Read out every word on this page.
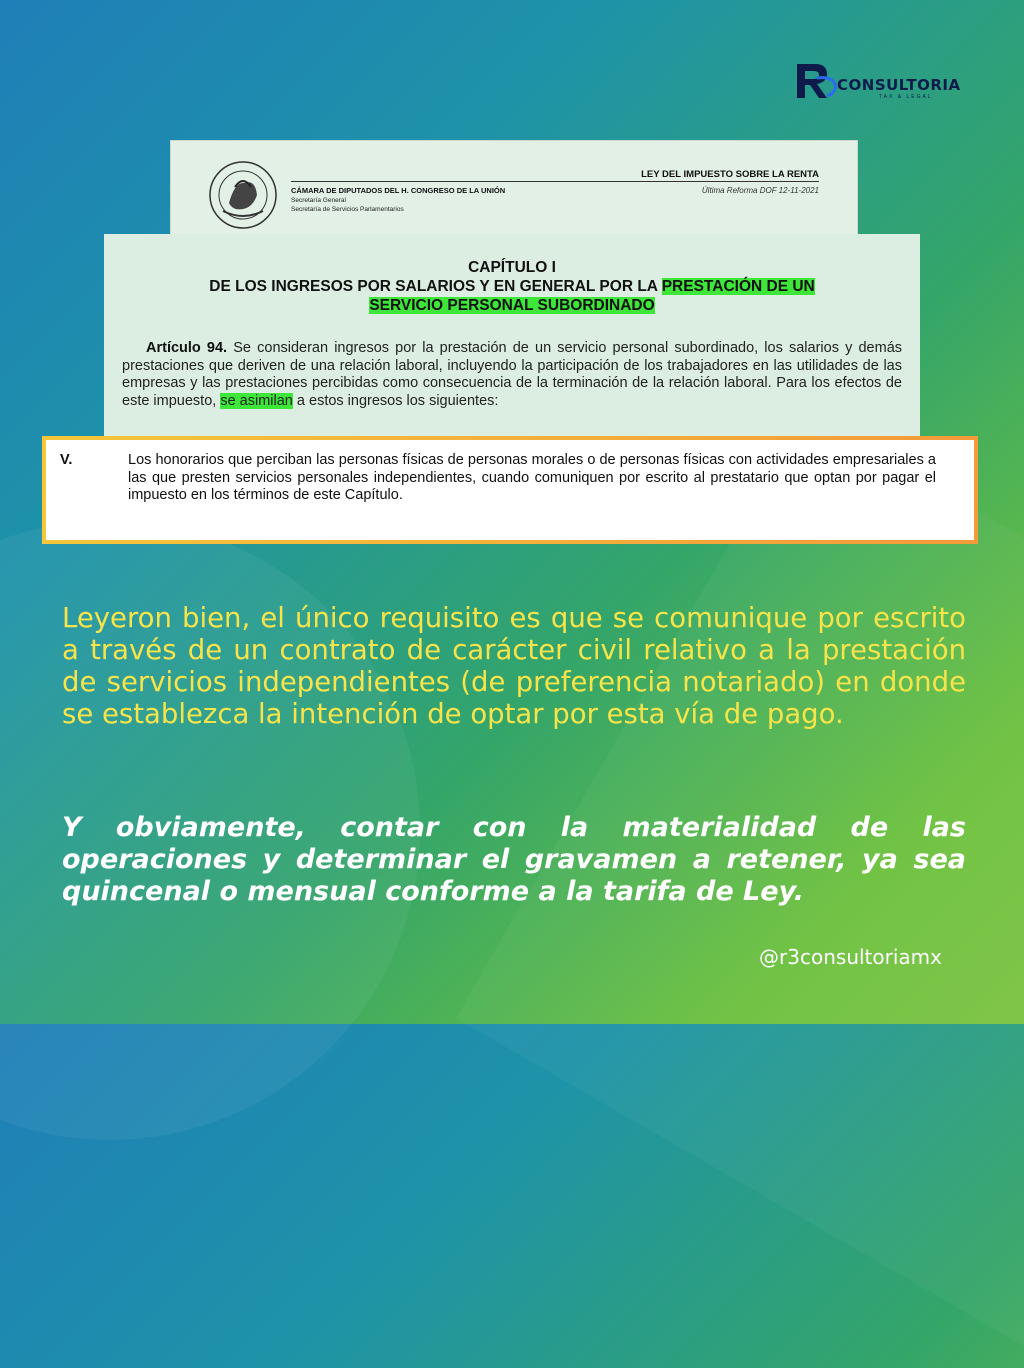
CONSULTORIA
TAX & LEGAL
LEY DEL IMPUESTO SOBRE LA RENTA
Última Reforma DOF 12-11-2021
CÁMARA DE DIPUTADOS DEL H. CONGRESO DE LA UNIÓN
Secretaría General
Secretaría de Servicios Parlamentarios
CAPÍTULO I
DE LOS INGRESOS POR SALARIOS Y EN GENERAL POR LA PRESTACIÓN DE UN
SERVICIO PERSONAL SUBORDINADO

Artículo 94. Se consideran ingresos por la prestación de un servicio personal subordinado, los salarios y demás prestaciones que deriven de una relación laboral, incluyendo la participación de los trabajadores en las utilidades de las empresas y las prestaciones percibidas como consecuencia de la terminación de la relación laboral. Para los efectos de este impuesto, se asimilan a estos ingresos los siguientes:

V.	Los honorarios que perciban las personas físicas de personas morales o de personas físicas con actividades empresariales a las que presten servicios personales independientes, cuando comuniquen por escrito al prestatario que optan por pagar el impuesto en los términos de este Capítulo.

Leyeron bien, el único requisito es que se comunique por escrito a través de un contrato de carácter civil relativo a la prestación de servicios independientes (de preferencia notariado) en donde se establezca la intención de optar por esta vía de pago.

Y obviamente, contar con la materialidad de las operaciones y determinar el gravamen a retener, ya sea quincenal o mensual conforme a la tarifa de Ley.

@r3consultoriamx
